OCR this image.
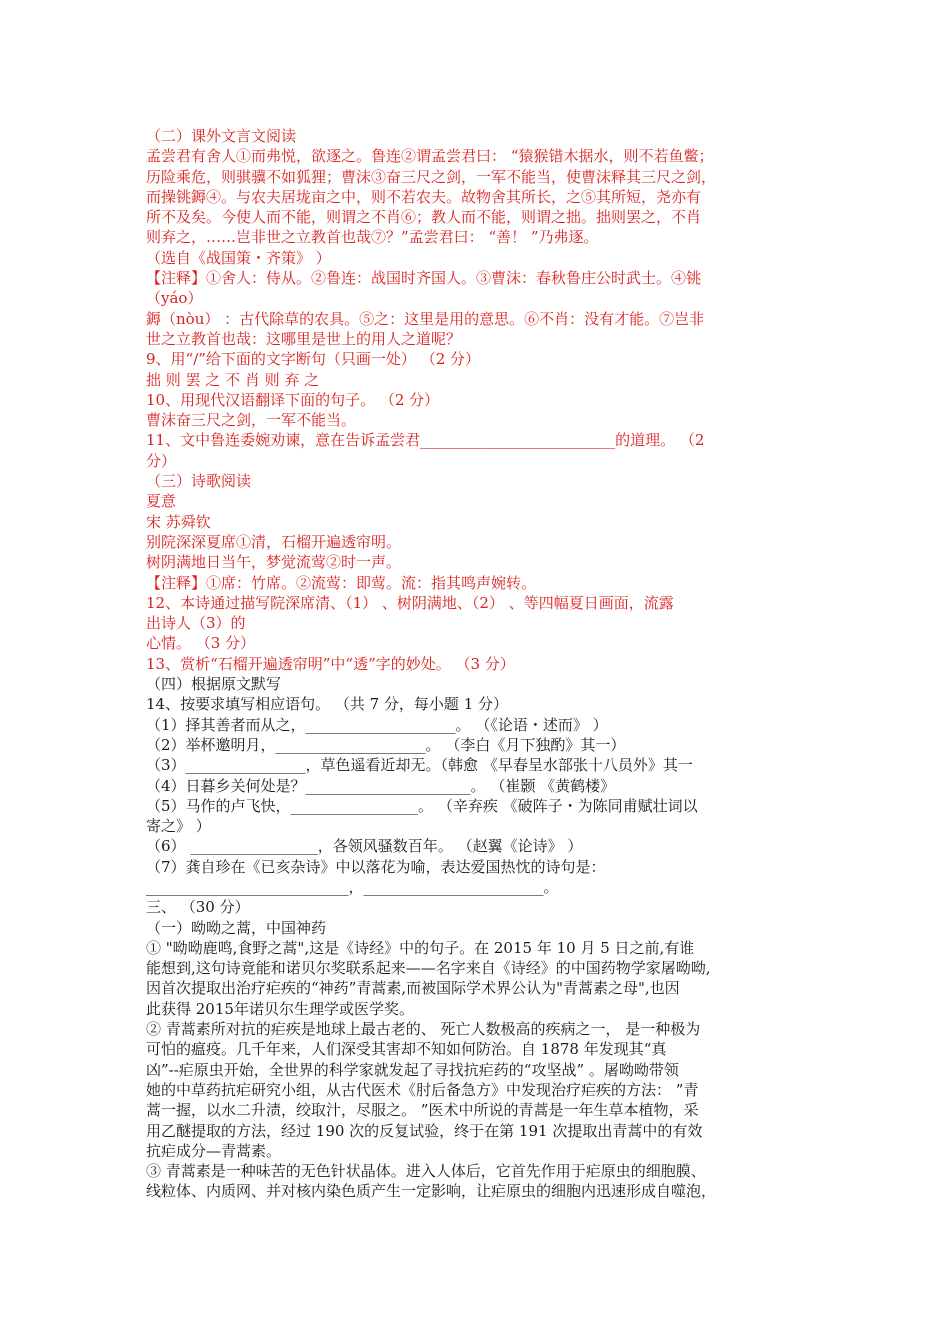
（二）课外文言文阅读
孟尝君有舍人①而弗悦，欲逐之。鲁连②谓孟尝君曰： “猿猴错木据水，则不若鱼鳖；
历险乘危，则骐骥不如狐狸；曹沫③奋三尺之剑，一军不能当，使曹沫释其三尺之剑，
而操铫鎒④。与农夫居垅亩之中，则不若农夫。故物舍其所长，之⑤其所短，尧亦有
所不及矣。今使人而不能，则谓之不肖⑥；教人而不能，则谓之拙。拙则罢之，不肖
则弃之，……岂非世之立教首也哉⑦？”孟尝君曰： “善！ ”乃弗逐。
（选自《战国策・齐策》 ）
【注释】①舍人：侍从。②鲁连：战国时齐国人。③曹沫：春秋鲁庄公时武士。④铫
（yáo）
鎒（nòu） ：古代除草的农具。⑤之：这里是用的意思。⑥不肖：没有才能。⑦岂非
世之立教首也哉：这哪里是世上的用人之道呢？
9、用“/”给下面的文字断句（只画一处） （2 分）
拙 则 罢 之 不 肖 则 弃 之
10、用现代汉语翻译下面的句子。 （2 分）
曹沫奋三尺之剑，一军不能当。
11、文中鲁连委婉劝谏，意在告诉孟尝君__________________________的道理。 （2
分）
（三）诗歌阅读
夏意
宋 苏舜钦
别院深深夏席①清，石榴开遍透帘明。
树阴满地日当午，梦觉流莺②时一声。
【注释】①席：竹席。②流莺：即莺。流：指其鸣声婉转。
12、本诗通过描写院深席清、（1） 、树阴满地、（2） 、等四幅夏日画面，流露
出诗人（3）的
心情。 （3 分）
13、赏析“石榴开遍透帘明”中“透”字的妙处。 （3 分）
（四）根据原文默写
14、按要求填写相应语句。 （共 7 分，每小题 1 分）
（1）择其善者而从之，____________________。 （《论语・述而》 ）
（2）举杯邀明月，____________________。 （李白《月下独酌》其一）
（3）________________，草色遥看近却无。（韩愈 《早春呈水部张十八员外》其一
（4）日暮乡关何处是？______________________。 （崔颢 《黄鹤楼》
（5）马作的卢飞快，_________________。 （辛弃疾 《破阵子・为陈同甫赋壮词以
寄之》 ）
（6） _________________，各领风骚数百年。 （赵翼《论诗》 ）
（7）龚自珍在《已亥杂诗》中以落花为喻，表达爱国热忱的诗句是：
___________________________，________________________。
三、 （30 分）
（一）呦呦之蒿，中国神药
① "呦呦鹿鸣,食野之蒿",这是《诗经》中的句子。在 2015 年 10 月 5 日之前,有谁
能想到,这句诗竟能和诺贝尔奖联系起来——名字来自《诗经》的中国药物学家屠呦呦,
因首次提取出治疗疟疾的“神药”青蒿素,而被国际学术界公认为"青蒿素之母",也因
此获得 2015年诺贝尔生理学或医学奖。
② 青蒿素所对抗的疟疾是地球上最古老的、 死亡人数极高的疾病之一， 是一种极为
可怕的瘟疫。几千年来，人们深受其害却不知如何防治。自 1878 年发现其“真
凶”--疟原虫开始，全世界的科学家就发起了寻找抗疟药的“攻坚战” 。屠呦呦带领
她的中草药抗疟研究小组，从古代医术《肘后备急方》中发现治疗疟疾的方法： ”青
蒿一握，以水二升渍，绞取汁，尽服之。 ”医术中所说的青蒿是一年生草本植物，采
用乙醚提取的方法，经过 190 次的反复试验，终于在第 191 次提取出青蒿中的有效
抗疟成分—青蒿素。
③ 青蒿素是一种味苦的无色针状晶体。进入人体后，它首先作用于疟原虫的细胞膜、
线粒体、内质网、并对核内染色质产生一定影响，让疟原虫的细胞内迅速形成自噬泡，
